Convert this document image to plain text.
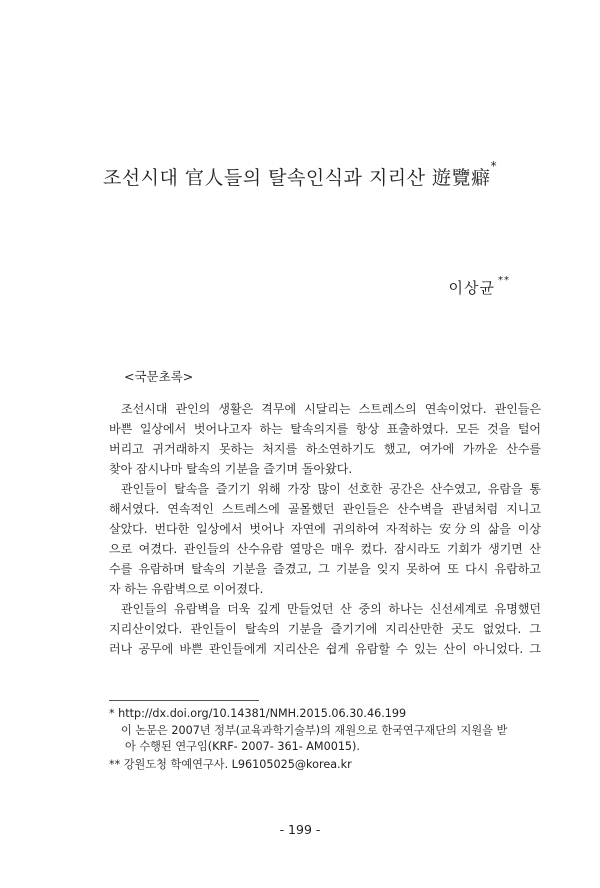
조선시대 官人들의 탈속인식과 지리산 遊覽癖*
이상균 **
<국문초록>

조선시대 관인의 생활은 격무에 시달리는 스트레스의 연속이었다. 관인들은

바쁜 일상에서 벗어나고자 하는 탈속의지를 항상 표출하였다. 모든 것을 털어

버리고 귀거래하지 못하는 처지를 하소연하기도 했고, 여가에 가까운 산수를

찾아 잠시나마 탈속의 기분을 즐기며 돌아왔다.

관인들이 탈속을 즐기기 위해 가장 많이 선호한 공간은 산수였고, 유람을 통

해서였다. 연속적인 스트레스에 골몰했던 관인들은 산수벽을 관념처럼 지니고

살았다. 번다한 일상에서 벗어나 자연에 귀의하여 자적하는 安分의 삶을 이상

으로 여겼다. 관인들의 산수유람 열망은 매우 컸다. 잠시라도 기회가 생기면 산

수를 유람하며 탈속의 기분을 즐겼고, 그 기분을 잊지 못하여 또 다시 유람하고

자 하는 유람벽으로 이어졌다.

관인들의 유람벽을 더욱 깊게 만들었던 산 중의 하나는 신선세계로 유명했던

지리산이었다. 관인들이 탈속의 기분을 즐기기에 지리산만한 곳도 없었다. 그

러나 공무에 바쁜 관인들에게 지리산은 쉽게 유람할 수 있는 산이 아니었다. 그

* http://dx.doi.org/10.14381/NMH.2015.06.30.46.199
이 논문은 2007년 정부(교육과학기술부)의 재원으로 한국연구재단의 지원을 받
아 수행된 연구임(KRF- 2007- 361- AM0015).
** 강원도청 학예연구사. L96105025@korea.kr
- 199 -
